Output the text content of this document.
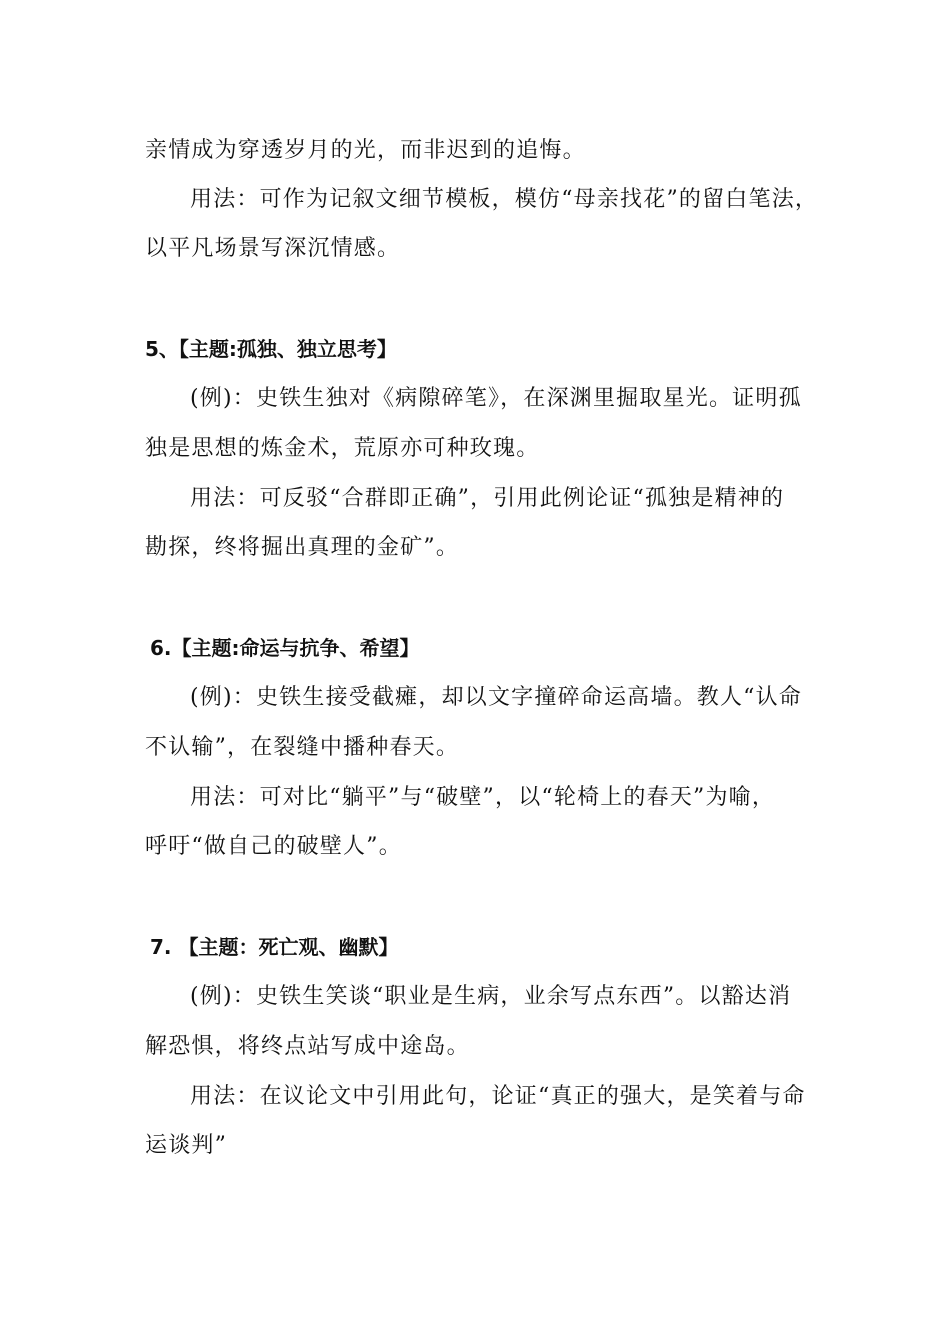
亲情成为穿透岁月的光，而非迟到的追悔。
用法：可作为记叙文细节模板，模仿“母亲找花”的留白笔法，
以平凡场景写深沉情感。
5、【主题:孤独、独立思考】
(例)：史铁生独对《病隙碎笔》，在深渊里掘取星光。证明孤
独是思想的炼金术，荒原亦可种玫瑰。
用法：可反驳“合群即正确”，引用此例论证“孤独是精神的
勘探，终将掘出真理的金矿”。
6.【主题:命运与抗争、希望】
(例)：史铁生接受截瘫，却以文字撞碎命运高墙。教人“认命
不认输”，在裂缝中播种春天。
用法：可对比“躺平”与“破壁”，以“轮椅上的春天”为喻，
呼吁“做自己的破壁人”。
7. 【主题：死亡观、幽默】
(例)：史铁生笑谈“职业是生病，业余写点东西”。以豁达消
解恐惧，将终点站写成中途岛。
用法：在议论文中引用此句，论证“真正的强大，是笑着与命
运谈判”
